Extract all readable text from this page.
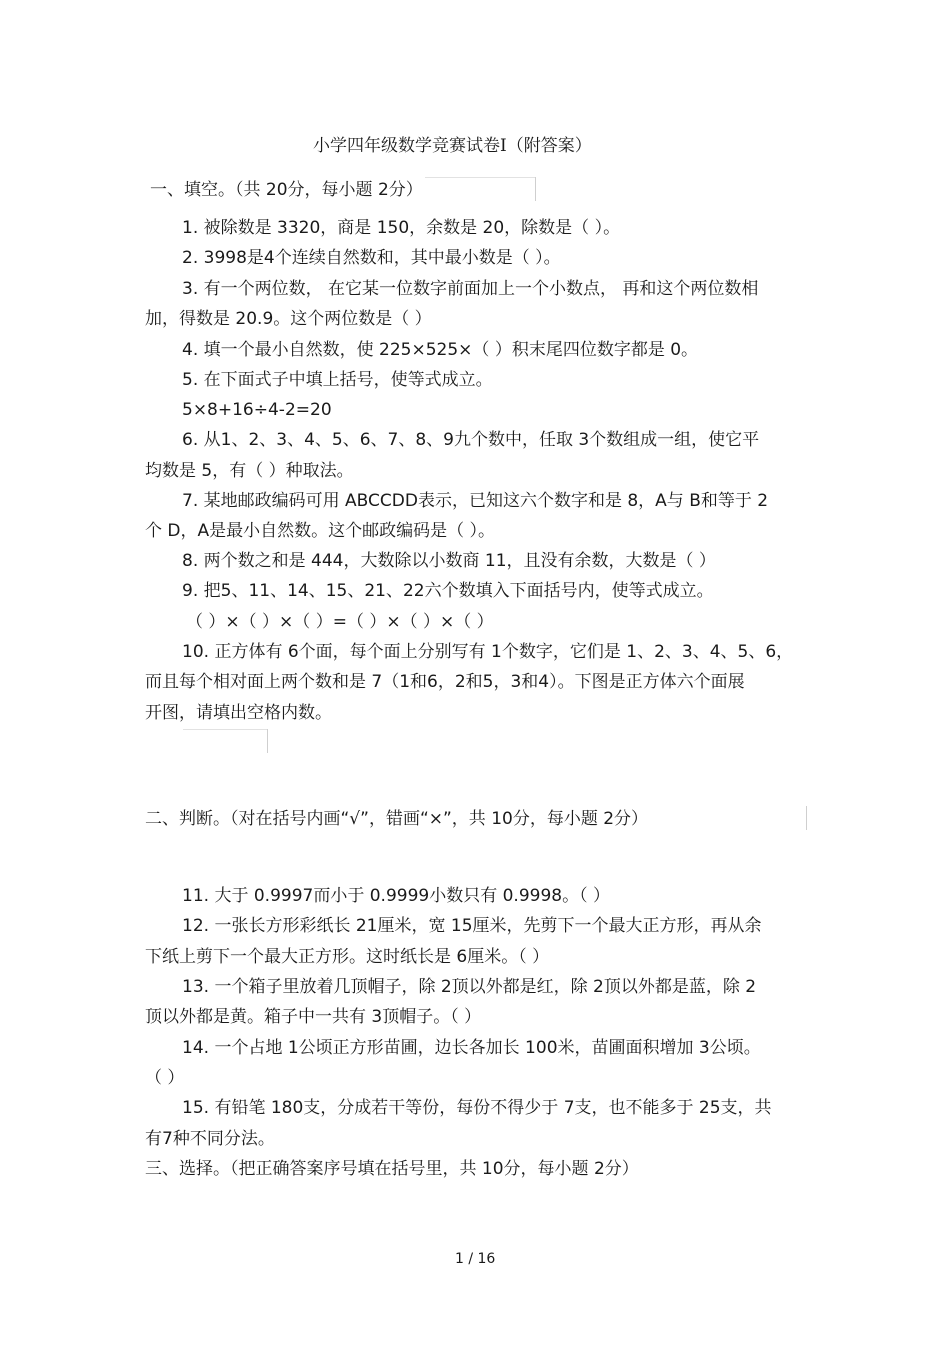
小学四年级数学竞赛试卷Ⅰ（附答案）
一、填空。（共 20分，每小题 2分）
1. 被除数是 3320，商是 150，余数是 20，除数是（ ）。
2. 3998是4个连续自然数和，其中最小数是（ ）。
3. 有一个两位数， 在它某一位数字前面加上一个小数点， 再和这个两位数相
加，得数是 20.9。这个两位数是（ ）
4. 填一个最小自然数，使 225×525×（ ）积末尾四位数字都是 0。
5. 在下面式子中填上括号，使等式成立。
5×8+16÷4-2=20
6. 从1、2、3、4、5、6、7、8、9九个数中，任取 3个数组成一组，使它平
均数是 5，有（ ）种取法。
7. 某地邮政编码可用 ABCCDD表示，已知这六个数字和是 8，A与 B和等于 2
个 D，A是最小自然数。这个邮政编码是（ ）。
8. 两个数之和是 444，大数除以小数商 11，且没有余数，大数是（ ）
9. 把5、11、14、15、21、22六个数填入下面括号内，使等式成立。
（ ）×（ ）×（ ）=（ ）×（ ）×（ ）
10. 正方体有 6个面，每个面上分别写有 1个数字，它们是 1、2、3、4、5、6，
而且每个相对面上两个数和是 7（1和6，2和5，3和4）。下图是正方体六个面展
开图，请填出空格内数。
二、判断。（对在括号内画“√”，错画“×”，共 10分，每小题 2分）
11. 大于 0.9997而小于 0.9999小数只有 0.9998。（ ）
12. 一张长方形彩纸长 21厘米，宽 15厘米，先剪下一个最大正方形，再从余
下纸上剪下一个最大正方形。这时纸长是 6厘米。（ ）
13. 一个箱子里放着几顶帽子，除 2顶以外都是红，除 2顶以外都是蓝，除 2
顶以外都是黄。箱子中一共有 3顶帽子。（ ）
14. 一个占地 1公顷正方形苗圃，边长各加长 100米，苗圃面积增加 3公顷。
（ ）
15. 有铅笔 180支，分成若干等份，每份不得少于 7支，也不能多于 25支，共
有7种不同分法。
三、选择。（把正确答案序号填在括号里，共 10分，每小题 2分）
1 / 16
